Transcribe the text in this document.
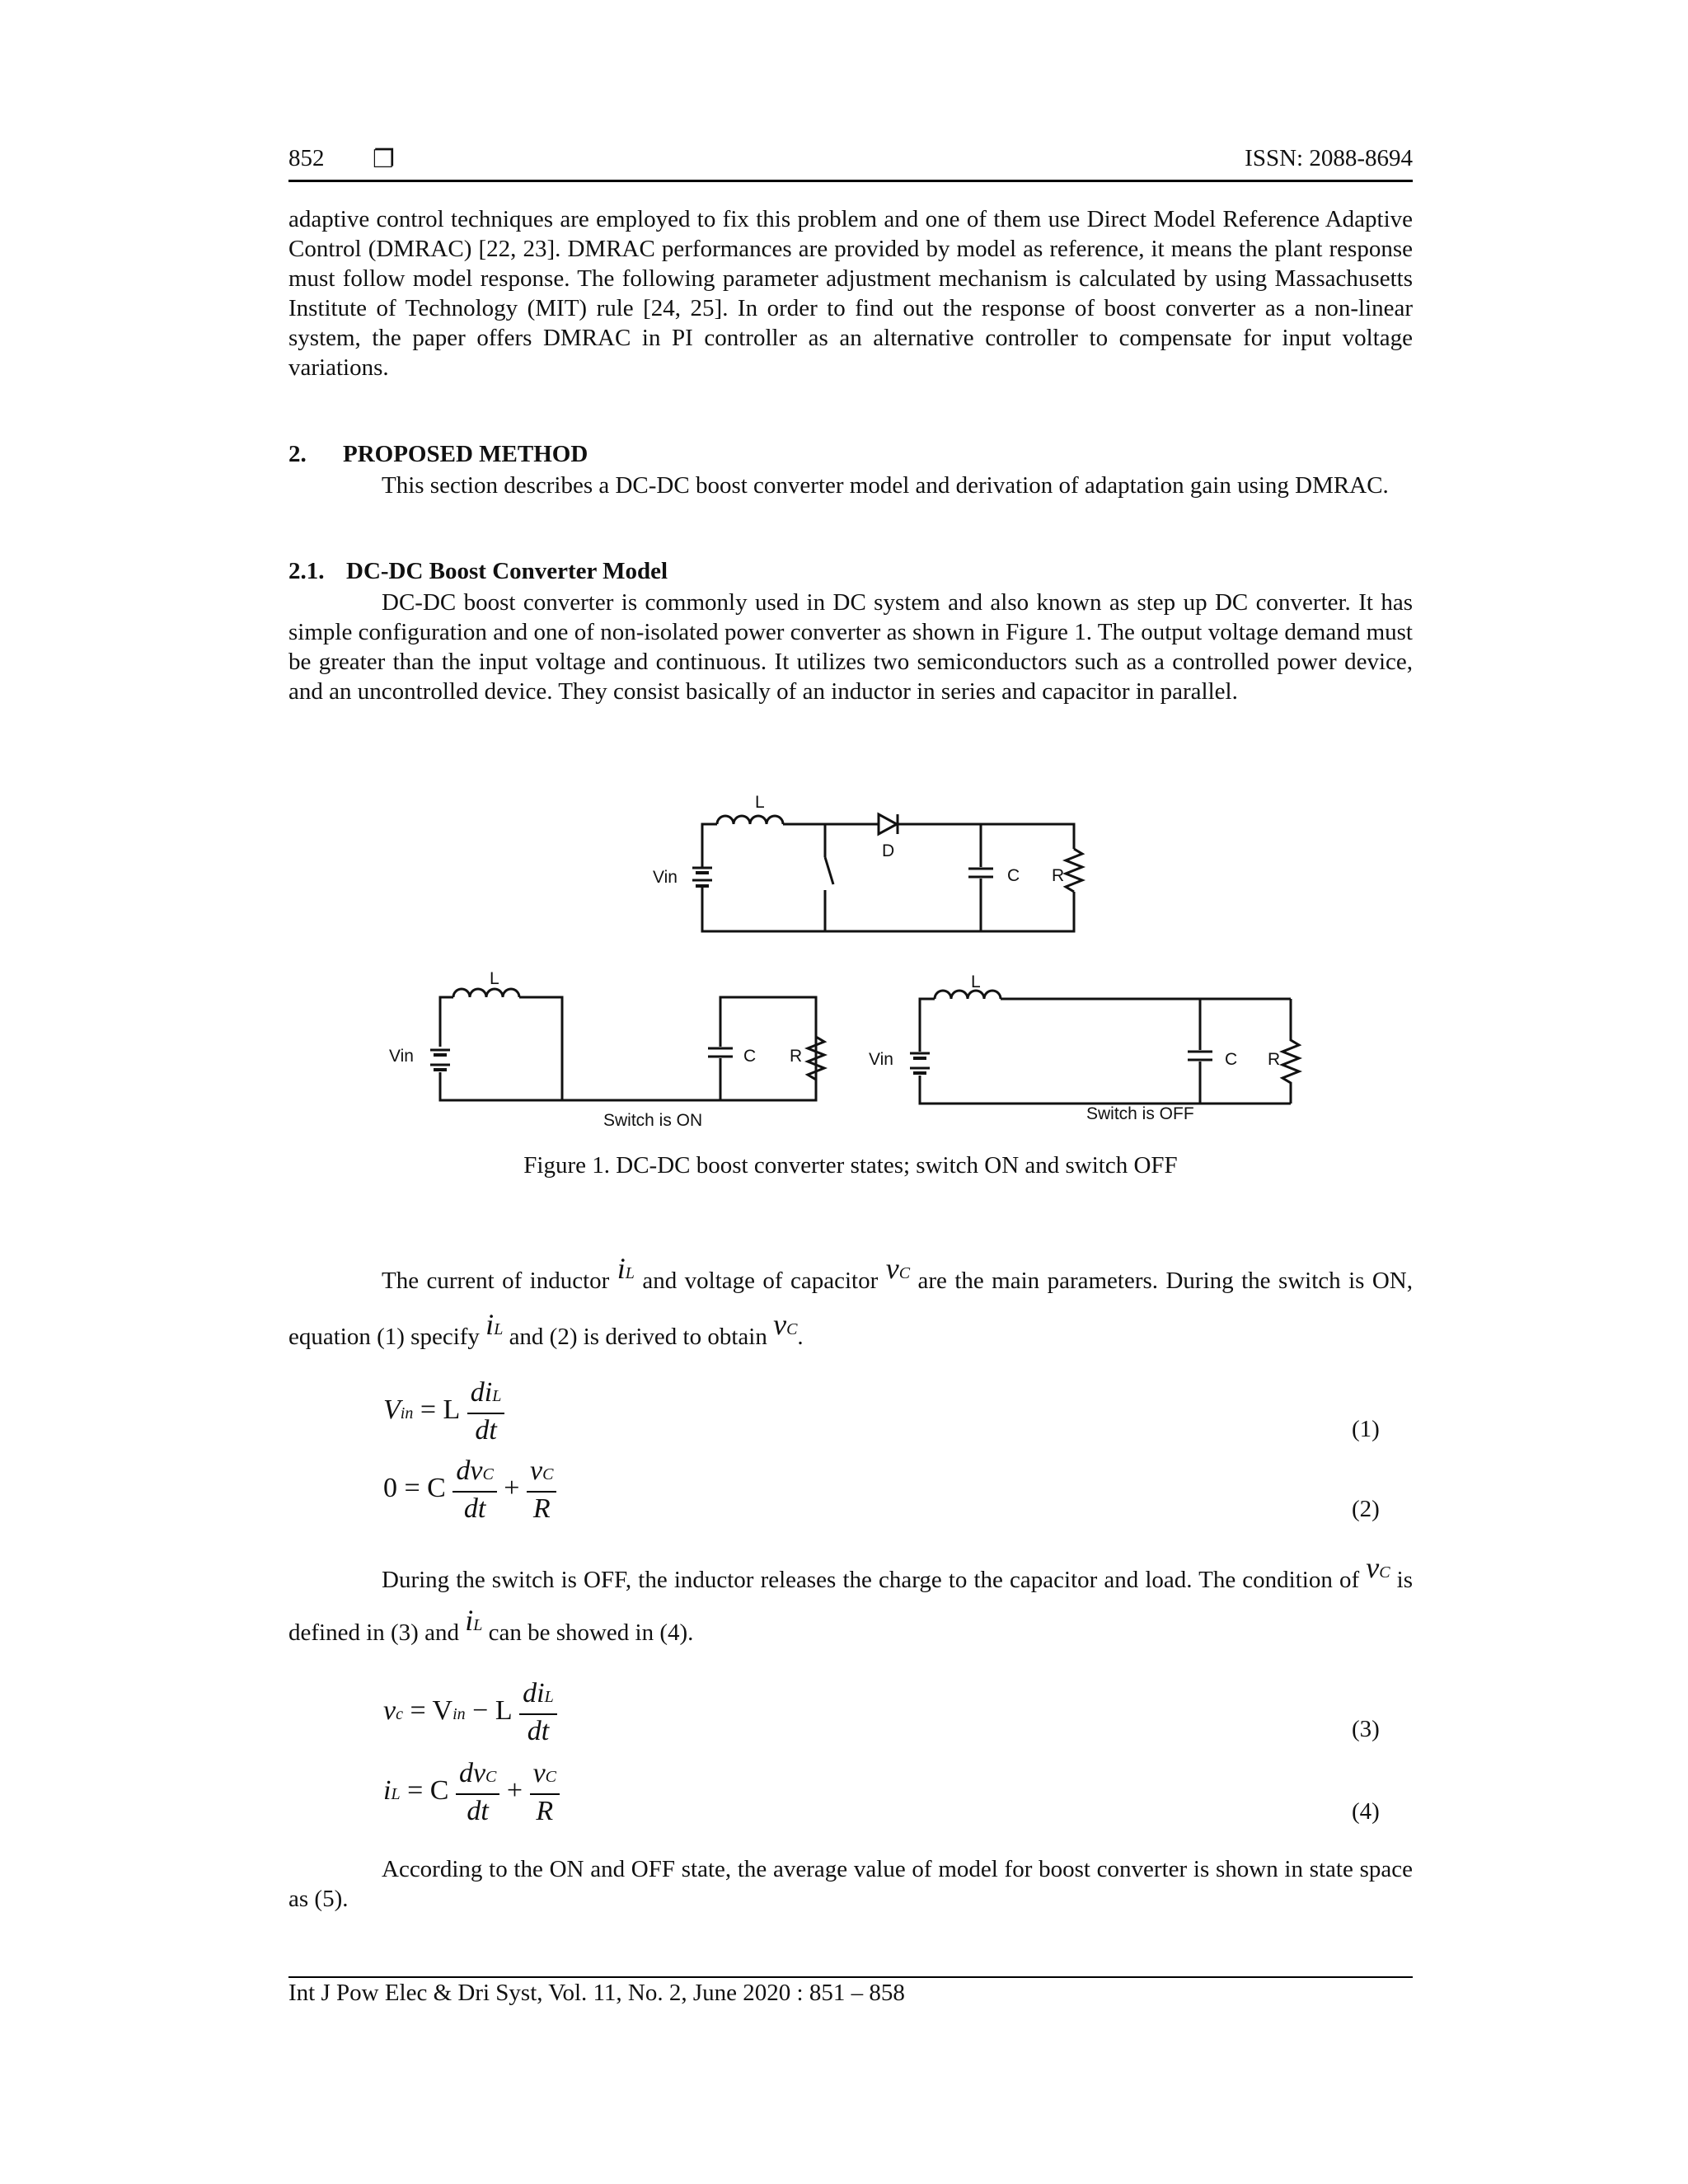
852 ❐	ISSN: 2088-8694

adaptive control techniques are employed to fix this problem and one of them use Direct Model Reference Adaptive Control (DMRAC) [22, 23]. DMRAC performances are provided by model as reference, it means the plant response must follow model response. The following parameter adjustment mechanism is calculated by using Massachusetts Institute of Technology (MIT) rule [24, 25]. In order to find out the response of boost converter as a non-linear system, the paper offers DMRAC in PI controller as an alternative controller to compensate for input voltage variations.

2. PROPOSED METHOD

This section describes a DC-DC boost converter model and derivation of adaptation gain using DMRAC.

2.1. DC-DC Boost Converter Model

DC-DC boost converter is commonly used in DC system and also known as step up DC converter. It has simple configuration and one of non-isolated power converter as shown in Figure 1. The output voltage demand must be greater than the input voltage and continuous. It utilizes two semiconductors such as a controlled power device, and an uncontrolled device. They consist basically of an inductor in series and capacitor in parallel.

L
D
Vin	C R
L
Vin	C R
Switch is ON
L
Vin	C R
Switch is OFF
Figure 1. DC-DC boost converter states; switch ON and switch OFF

The current of inductor iL and voltage of capacitor vC are the main parameters. During the switch is ON, equation (1) specify iL and (2) is derived to obtain vC.

Vin = L $\frac{\text{diL}}{dt}$	(1)
0 = C $\frac{\text{dvC}}{dt} + \frac{vC}{R}$	(2)

During the switch is OFF, the inductor releases the charge to the capacitor and load. The condition of vC is defined in (3) and iL can be showed in (4).

vc = Vin − L $\frac{\text{diL}}{dt}$	(3)
iL = C $\frac{\text{dvC}}{dt} + \frac{vC}{R}$	(4)

According to the ON and OFF state, the average value of model for boost converter is shown in state space as (5).

Int J Pow Elec & Dri Syst, Vol. 11, No. 2, June 2020 : 851 – 858
